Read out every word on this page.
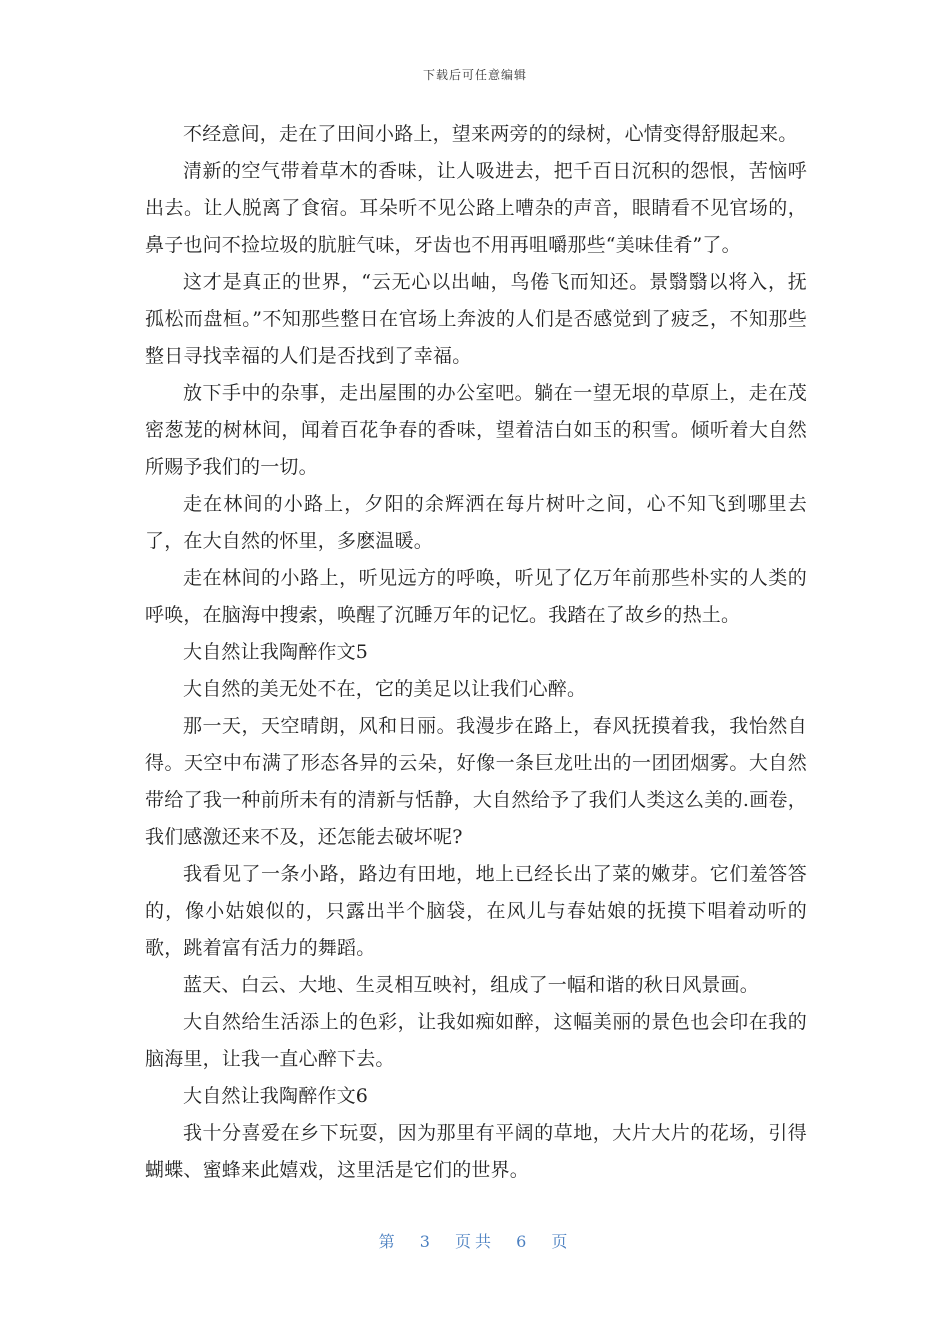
下载后可任意编辑

不经意间，走在了田间小路上，望来两旁的的绿树，心情变得舒服起来。

清新的空气带着草木的香味，让人吸进去，把千百日沉积的怨恨，苦恼呼出去。让人脱离了食宿。耳朵听不见公路上嘈杂的声音，眼睛看不见官场的，鼻子也问不捡垃圾的肮脏气味，牙齿也不用再咀嚼那些“美味佳肴”了。

这才是真正的世界，“云无心以出岫，鸟倦飞而知还。景翳翳以将入，抚孤松而盘桓。”不知那些整日在官场上奔波的人们是否感觉到了疲乏，不知那些整日寻找幸福的人们是否找到了幸福。

放下手中的杂事，走出屋围的办公室吧。躺在一望无垠的草原上，走在茂密葱茏的树林间，闻着百花争春的香味，望着洁白如玉的积雪。倾听着大自然所赐予我们的一切。

走在林间的小路上，夕阳的余辉洒在每片树叶之间，心不知飞到哪里去了，在大自然的怀里，多麽温暖。

走在林间的小路上，听见远方的呼唤，听见了亿万年前那些朴实的人类的呼唤，在脑海中搜索，唤醒了沉睡万年的记忆。我踏在了故乡的热土。

大自然让我陶醉作文5

大自然的美无处不在，它的美足以让我们心醉。

那一天，天空晴朗，风和日丽。我漫步在路上，春风抚摸着我，我怡然自得。天空中布满了形态各异的云朵，好像一条巨龙吐出的一团团烟雾。大自然带给了我一种前所未有的清新与恬静，大自然给予了我们人类这么美的.画卷，我们感激还来不及，还怎能去破坏呢?

我看见了一条小路，路边有田地，地上已经长出了菜的嫩芽。它们羞答答的，像小姑娘似的，只露出半个脑袋，在风儿与春姑娘的抚摸下唱着动听的歌，跳着富有活力的舞蹈。

蓝天、白云、大地、生灵相互映衬，组成了一幅和谐的秋日风景画。

大自然给生活添上的色彩，让我如痴如醉，这幅美丽的景色也会印在我的脑海里，让我一直心醉下去。

大自然让我陶醉作文6

我十分喜爱在乡下玩耍，因为那里有平阔的草地，大片大片的花场，引得蝴蝶、蜜蜂来此嬉戏，这里活是它们的世界。

第 3 页共 6 页
